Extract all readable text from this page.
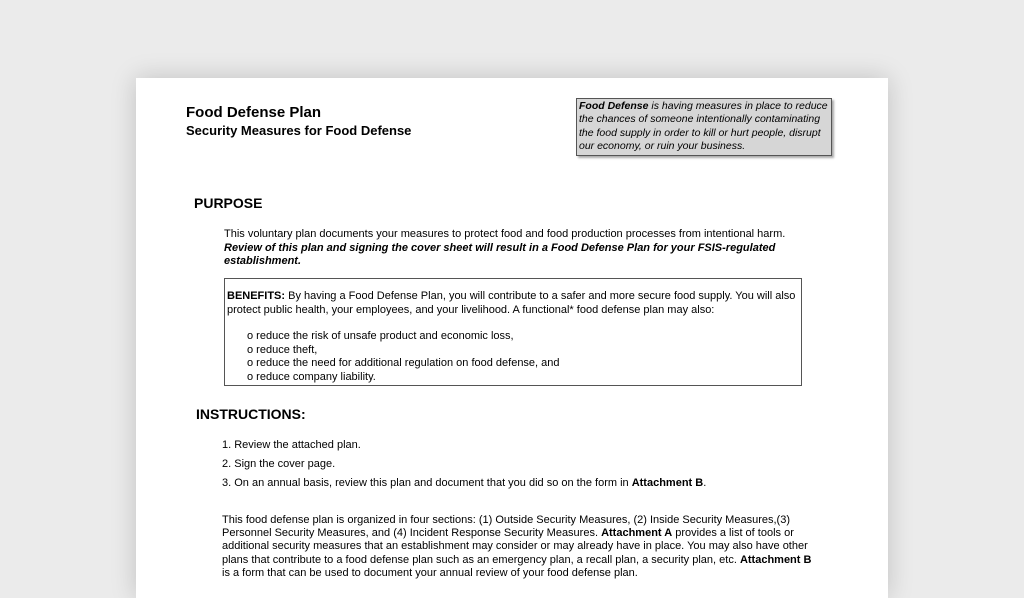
Food Defense Plan
Security Measures for Food Defense
Food Defense is having measures in place to reduce the chances of someone intentionally contaminating the food supply in order to kill or hurt people, disrupt our economy, or ruin your business.
PURPOSE
This voluntary plan documents your measures to protect food and food production processes from intentional harm.
Review of this plan and signing the cover sheet will result in a Food Defense Plan for your FSIS-regulated establishment.
BENEFITS: By having a Food Defense Plan, you will contribute to a safer and more secure food supply. You will also protect public health, your employees, and your livelihood. A functional* food defense plan may also:
o reduce the risk of unsafe product and economic loss,
o reduce theft,
o reduce the need for additional regulation on food defense, and
o reduce company liability.
INSTRUCTIONS:
1. Review the attached plan.
2. Sign the cover page.
3. On an annual basis, review this plan and document that you did so on the form in Attachment B.
This food defense plan is organized in four sections: (1) Outside Security Measures, (2) Inside Security Measures,(3) Personnel Security Measures, and (4) Incident Response Security Measures. Attachment A provides a list of tools or additional security measures that an establishment may consider or may already have in place. You may also have other plans that contribute to a food defense plan such as an emergency plan, a recall plan, a security plan, etc. Attachment B is a form that can be used to document your annual review of your food defense plan.
